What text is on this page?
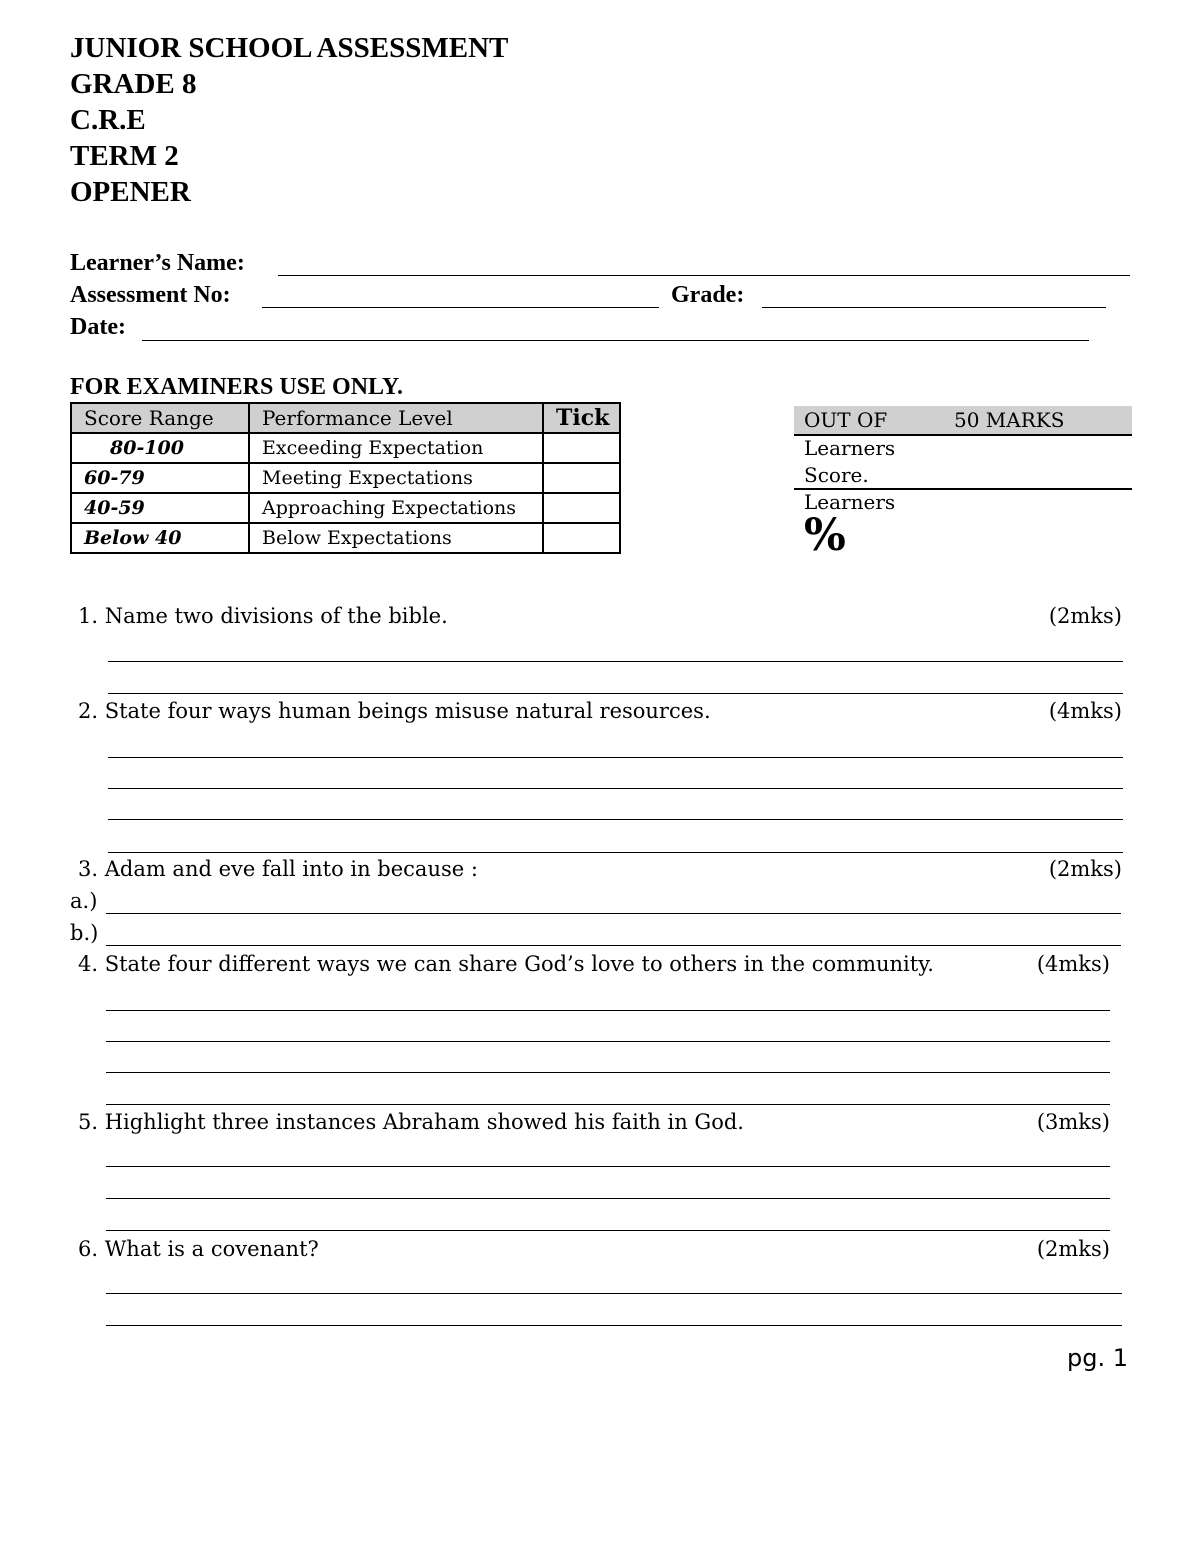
JUNIOR SCHOOL ASSESSMENT
GRADE 8
C.R.E
TERM 2
OPENER
Learner’s Name:
Assessment No:	Grade:
Date:
FOR EXAMINERS USE ONLY.
Score Range	Performance Level	Tick
80-100	Exceeding Expectation	
60-79	Meeting Expectations	
40-59	Approaching Expectations	
Below 40	Below Expectations	
OUT OF	50 MARKS
Learners
Score.
Learners
%
1. Name two divisions of the bible.	(2mks)
2. State four ways human beings misuse natural resources.	(4mks)
3. Adam and eve fall into in because :	(2mks)
a.)
b.)
4. State four different ways we can share God’s love to others in the community.	(4mks)
5. Highlight three instances Abraham showed his faith in God.	(3mks)
6. What is a covenant?	(2mks)
pg. 1
